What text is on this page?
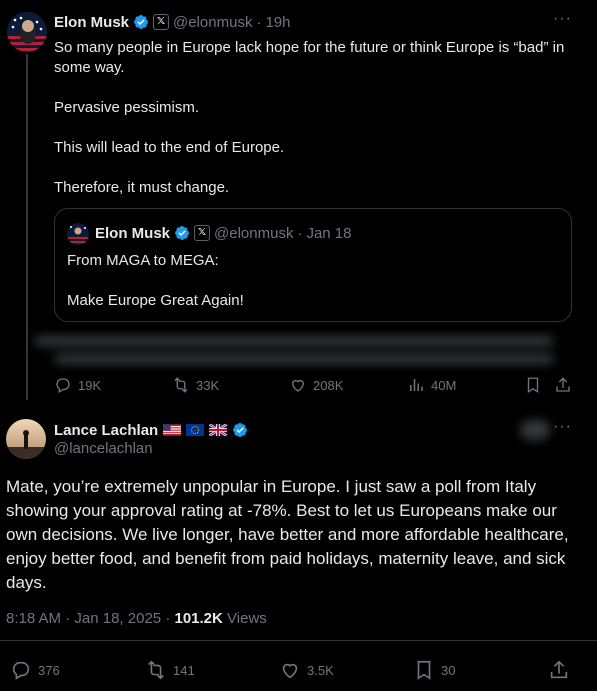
Elon Musk	𝕏 @elonmusk · 19h	···
So many people in Europe lack hope for the future or think Europe is “bad” in some way.
Pervasive pessimism.
This will lead to the end of Europe.
Therefore, it must change.
Elon Musk	𝕏 @elonmusk · Jan 18
From MAGA to MEGA:
Make Europe Great Again!
19K	33K	208K	40M
Lance Lachlan
@lancelachlan
···
Mate, you’re extremely unpopular in Europe. I just saw a poll from Italy showing your approval rating at -78%. Best to let us Europeans make our own decisions. We live longer, have better and more affordable healthcare, enjoy better food, and benefit from paid holidays, maternity leave, and sick days.
8:18 AM · Jan 18, 2025 · 101.2K Views
376	141	3.5K	30
